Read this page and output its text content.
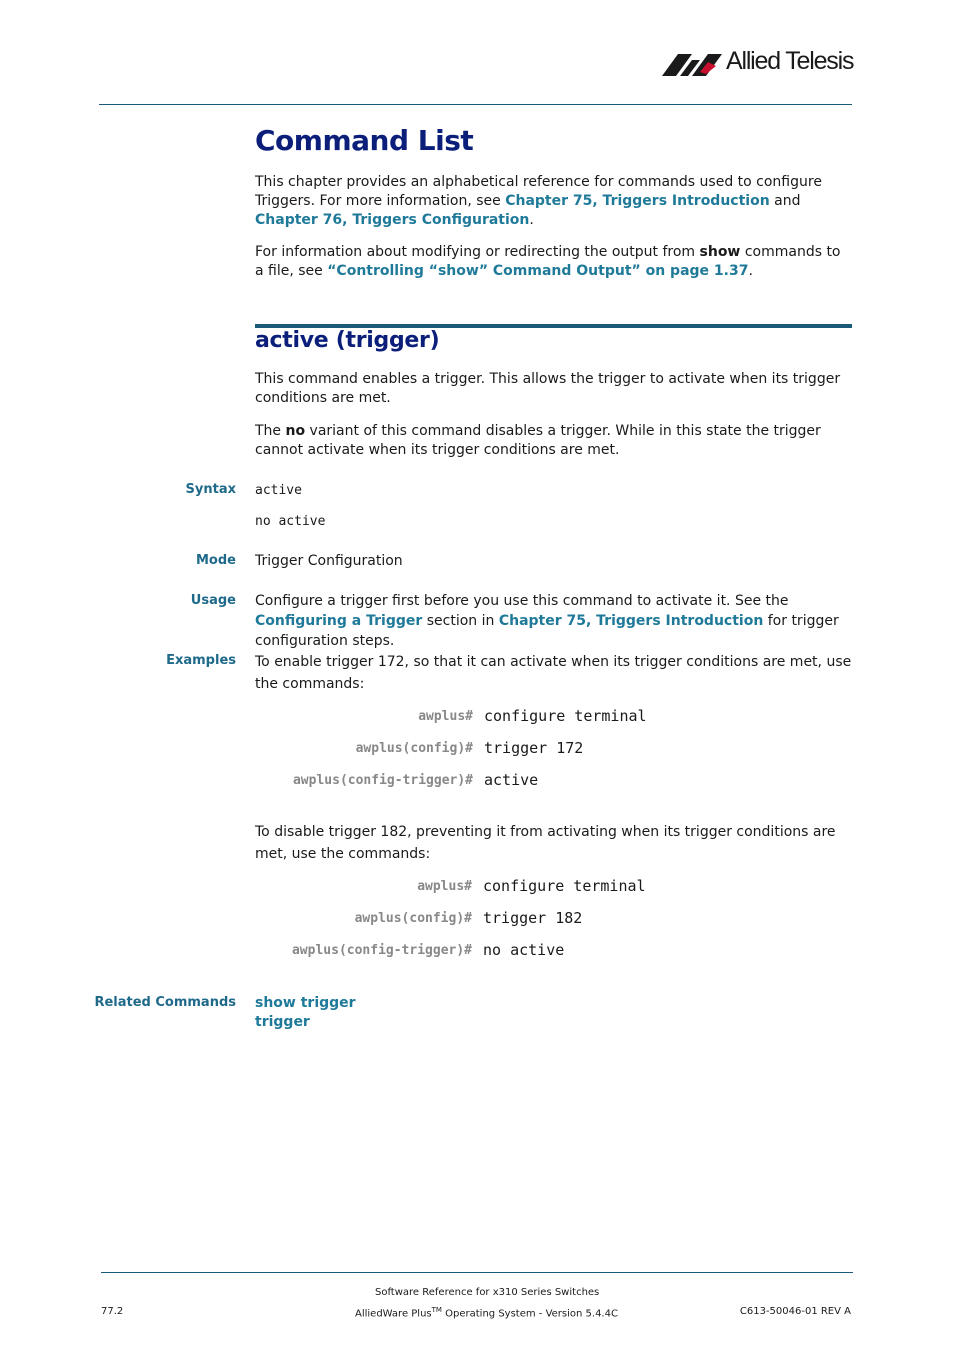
Allied Telesis
Command List
This chapter provides an alphabetical reference for commands used to configure Triggers. For more information, see Chapter 75, Triggers Introduction and Chapter 76, Triggers Configuration.
For information about modifying or redirecting the output from show commands to a file, see “Controlling “show” Command Output” on page 1.37.
active (trigger)
This command enables a trigger. This allows the trigger to activate when its trigger conditions are met.
The no variant of this command disables a trigger. While in this state the trigger cannot activate when its trigger conditions are met.
Syntax active
no active
Mode Trigger Configuration
Usage Configure a trigger first before you use this command to activate it. See the Configuring a Trigger section in Chapter 75, Triggers Introduction for trigger configuration steps.
Examples To enable trigger 172, so that it can activate when its trigger conditions are met, use the commands:
awplus# configure terminal
awplus(config)# trigger 172
awplus(config-trigger)# active
To disable trigger 182, preventing it from activating when its trigger conditions are met, use the commands:
awplus# configure terminal
awplus(config)# trigger 182
awplus(config-trigger)# no active
Related Commands show trigger
trigger
Software Reference for x310 Series Switches
AlliedWare Plus™ Operating System - Version 5.4.4C
77.2	C613-50046-01 REV A
